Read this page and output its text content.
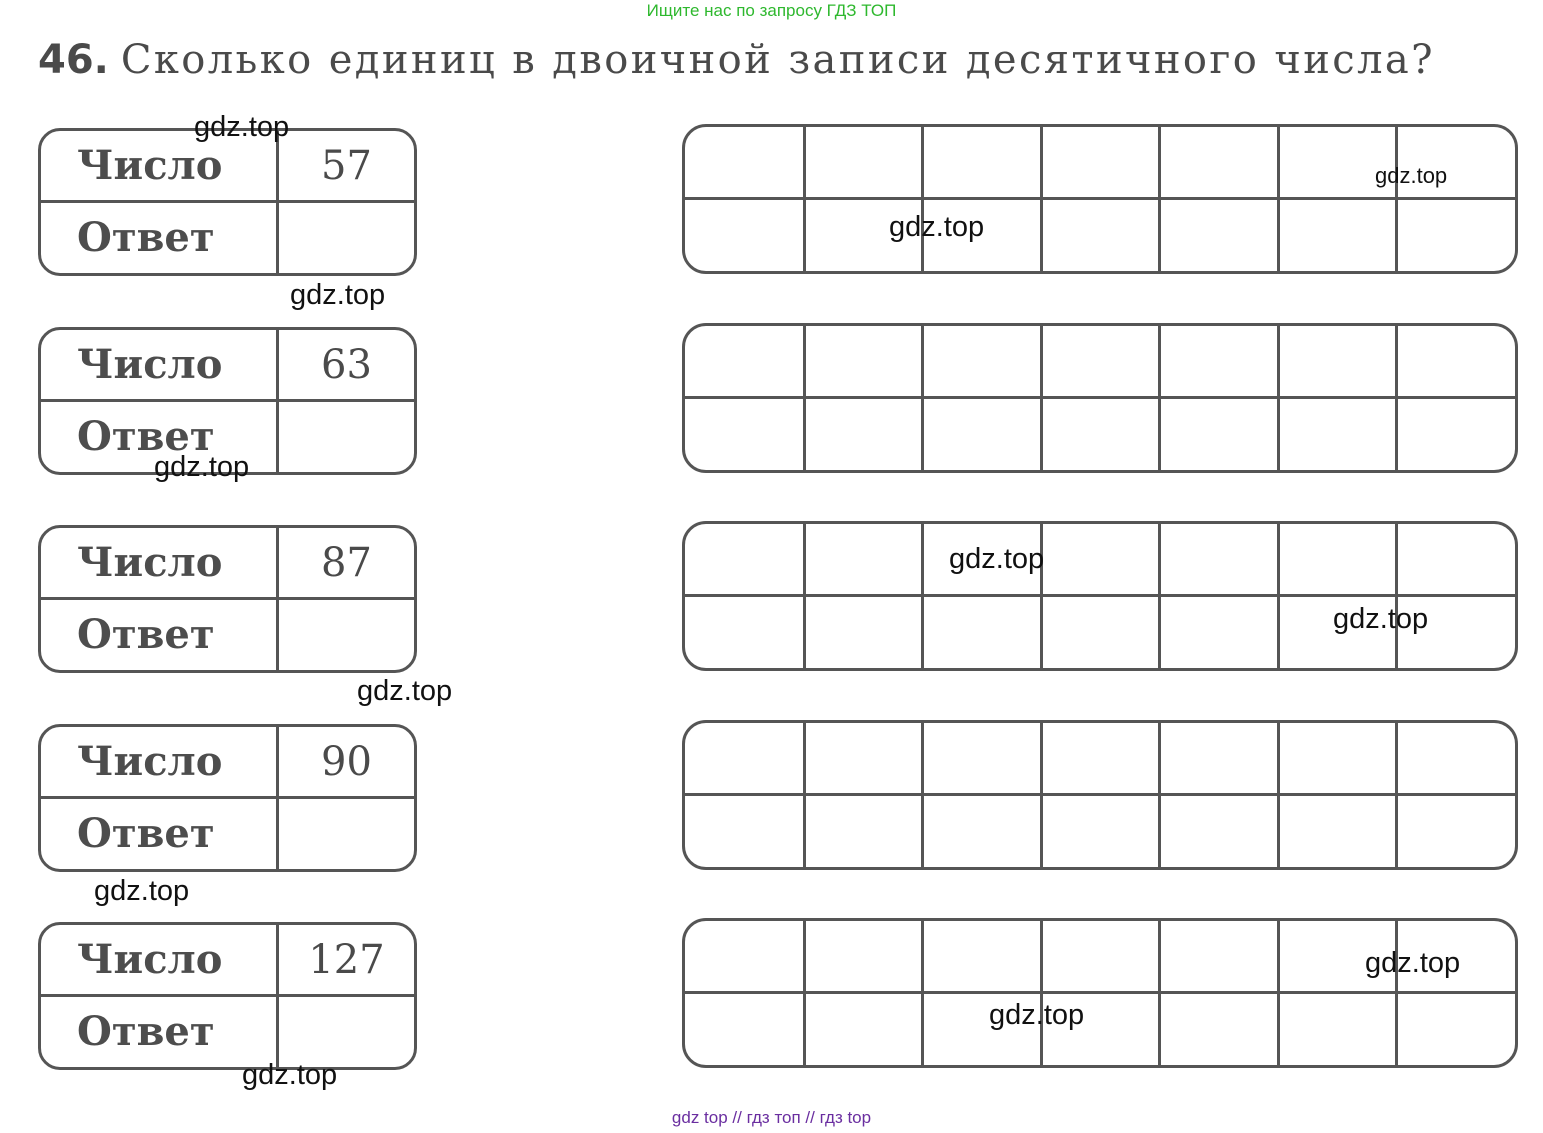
Ищите нас по запросу ГДЗ ТОП
46. Сколько единиц в двоичной записи десятичного числа?
Число	57
Ответ
Число	63
Ответ
Число	87
Ответ
Число	90
Ответ
Число	127
Ответ
gdz.top
gdz.top
gdz.top
gdz.top
gdz.top
gdz.top
gdz.top
gdz.top
gdz.top
gdz.top
gdz.top
gdz.top
gdz top // гдз топ // гдз top
